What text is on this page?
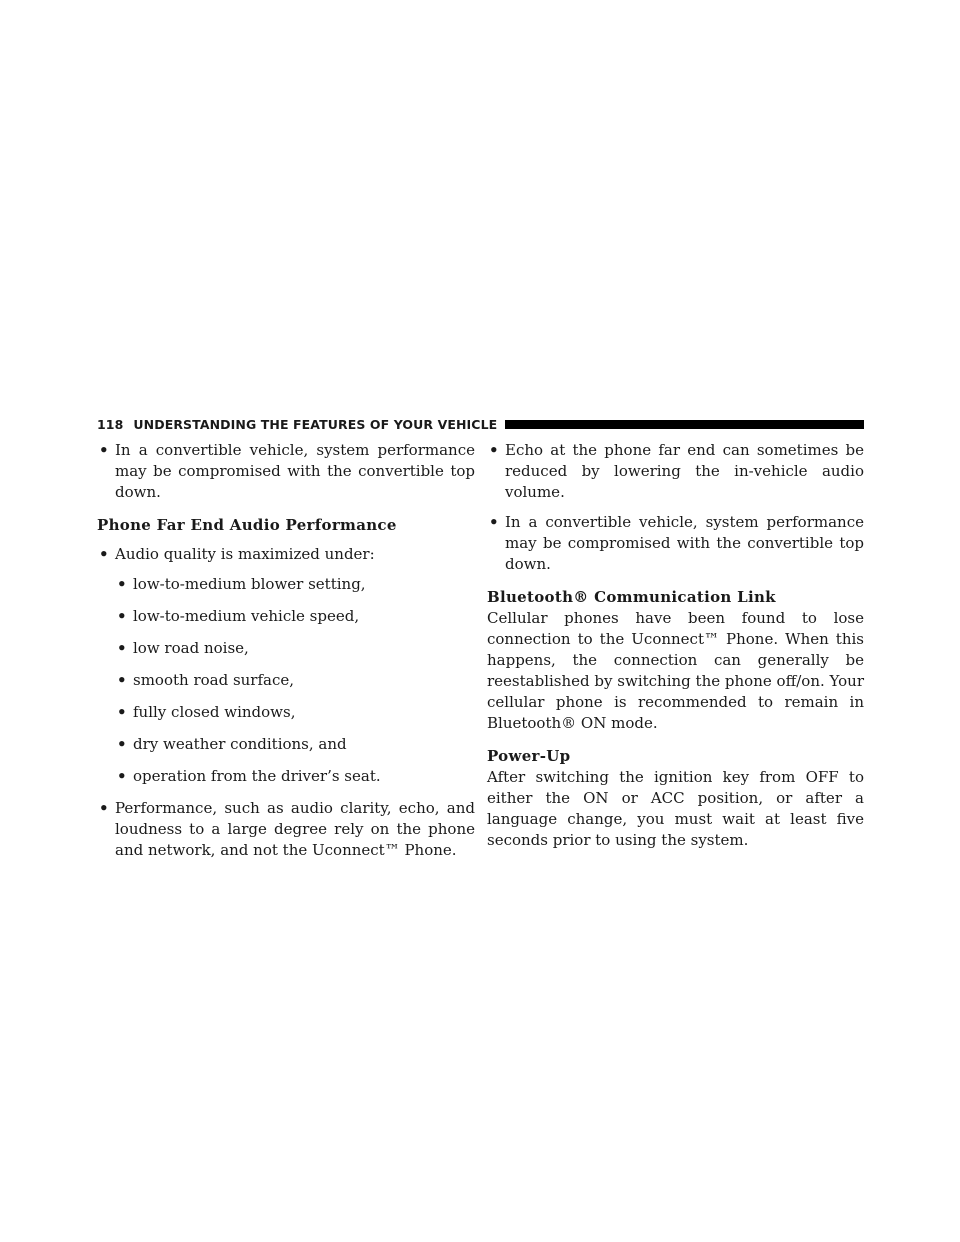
118 UNDERSTANDING THE FEATURES OF YOUR VEHICLE
• In a convertible vehicle, system performance may be compromised with the convertible top down.
Phone Far End Audio Performance
• Audio quality is maximized under:
• low-to-medium blower setting,
• low-to-medium vehicle speed,
• low road noise,
• smooth road surface,
• fully closed windows,
• dry weather conditions, and
• operation from the driver’s seat.
• Performance, such as audio clarity, echo, and loudness to a large degree rely on the phone and network, and not the Uconnect™ Phone.
• Echo at the phone far end can sometimes be reduced by lowering the in-vehicle audio volume.
• In a convertible vehicle, system performance may be compromised with the convertible top down.
Bluetooth® Communication Link

Cellular phones have been found to lose connection to the Uconnect™ Phone. When this happens, the connection can generally be reestablished by switching the phone off/on. Your cellular phone is recommended to remain in Bluetooth® ON mode.

Power-Up

After switching the ignition key from OFF to either the ON or ACC position, or after a language change, you must wait at least five seconds prior to using the system.
